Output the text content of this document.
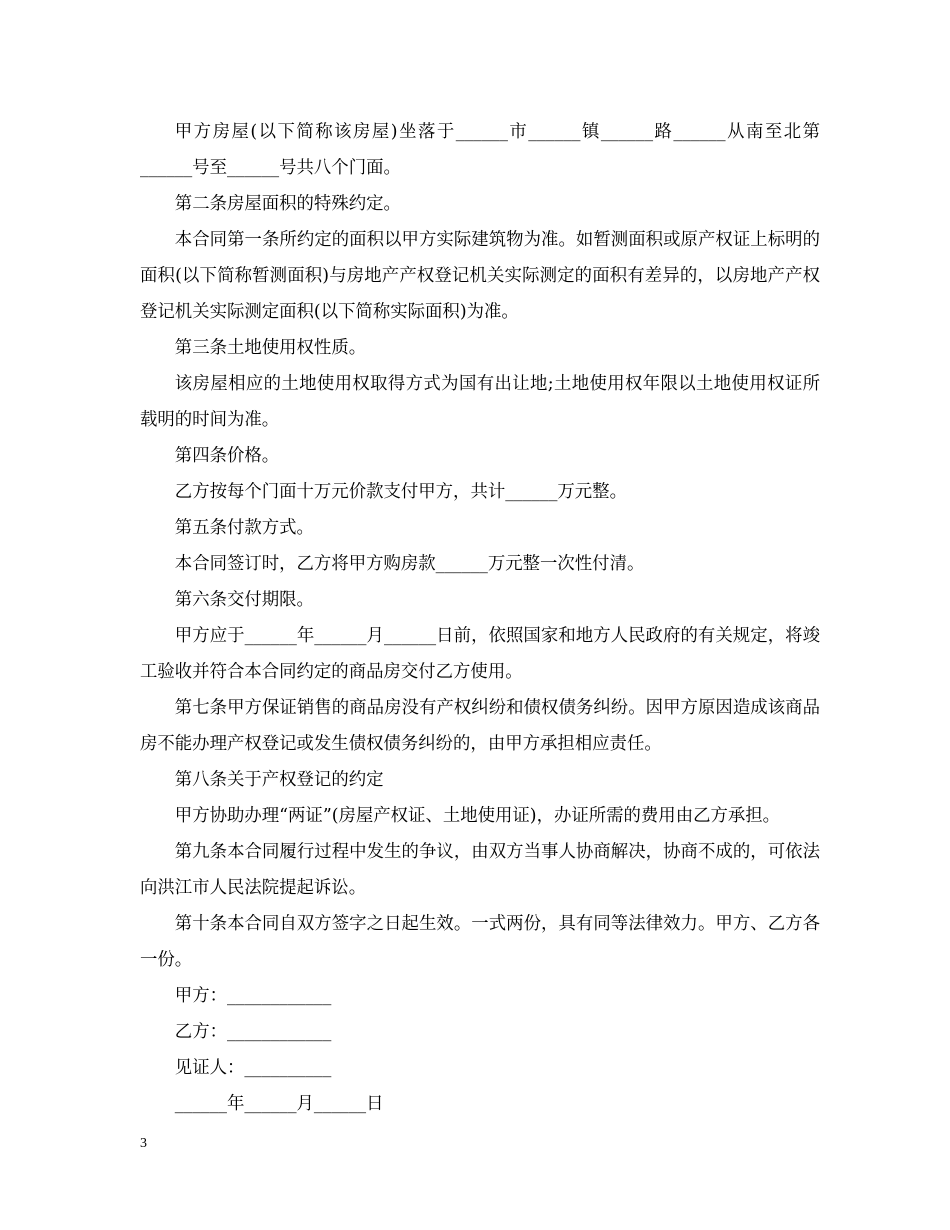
甲方房屋(以下简称该房屋)坐落于______市______镇______路______从南至北第______号至______号共八个门面。

第二条房屋面积的特殊约定。

本合同第一条所约定的面积以甲方实际建筑物为准。如暂测面积或原产权证上标明的面积(以下简称暂测面积)与房地产产权登记机关实际测定的面积有差异的，以房地产产权登记机关实际测定面积(以下简称实际面积)为准。

第三条土地使用权性质。

该房屋相应的土地使用权取得方式为国有出让地;土地使用权年限以土地使用权证所载明的时间为准。

第四条价格。

乙方按每个门面十万元价款支付甲方，共计______万元整。

第五条付款方式。

本合同签订时，乙方将甲方购房款______万元整一次性付清。

第六条交付期限。

甲方应于______年______月______日前，依照国家和地方人民政府的有关规定，将竣工验收并符合本合同约定的商品房交付乙方使用。

第七条甲方保证销售的商品房没有产权纠纷和债权债务纠纷。因甲方原因造成该商品房不能办理产权登记或发生债权债务纠纷的，由甲方承担相应责任。

第八条关于产权登记的约定

甲方协助办理“两证”(房屋产权证、土地使用证)，办证所需的费用由乙方承担。

第九条本合同履行过程中发生的争议，由双方当事人协商解决，协商不成的，可依法向洪江市人民法院提起诉讼。

第十条本合同自双方签字之日起生效。一式两份，具有同等法律效力。甲方、乙方各一份。

甲方：____________

乙方：____________

见证人：__________

______年______月______日

3
